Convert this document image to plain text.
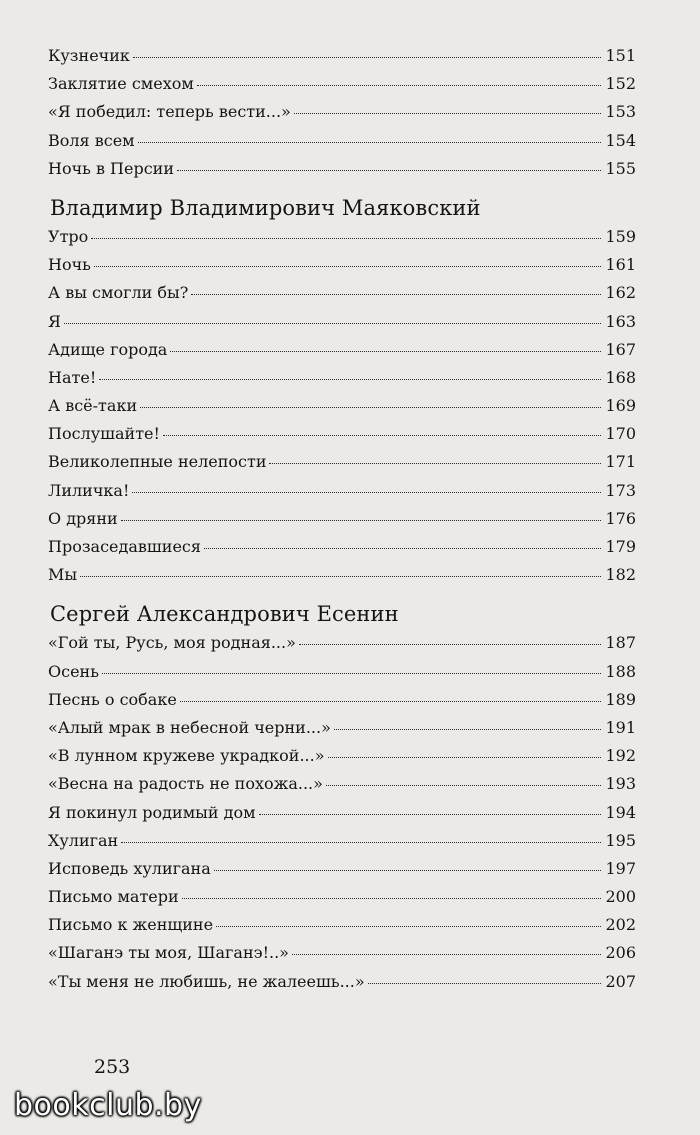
Кузнечик	151
Заклятие смехом	152
«Я победил: теперь вести...»	153
Воля всем	154
Ночь в Персии	155
Владимир Владимирович Маяковский
Утро	159
Ночь	161
А вы смогли бы?	162
Я	163
Адище города	167
Нате!	168
А всё-таки	169
Послушайте!	170
Великолепные нелепости	171
Лиличка!	173
О дряни	176
Прозаседавшиеся	179
Мы	182
Сергей Александрович Есенин
«Гой ты, Русь, моя родная...»	187
Осень	188
Песнь о собаке	189
«Алый мрак в небесной черни...»	191
«В лунном кружеве украдкой...»	192
«Весна на радость не похожа...»	193
Я покинул родимый дом	194
Хулиган	195
Исповедь хулигана	197
Письмо матери	200
Письмо к женщине	202
«Шаганэ ты моя, Шаганэ!..»	206
«Ты меня не любишь, не жалеешь...»	207
253
bookclub.by
